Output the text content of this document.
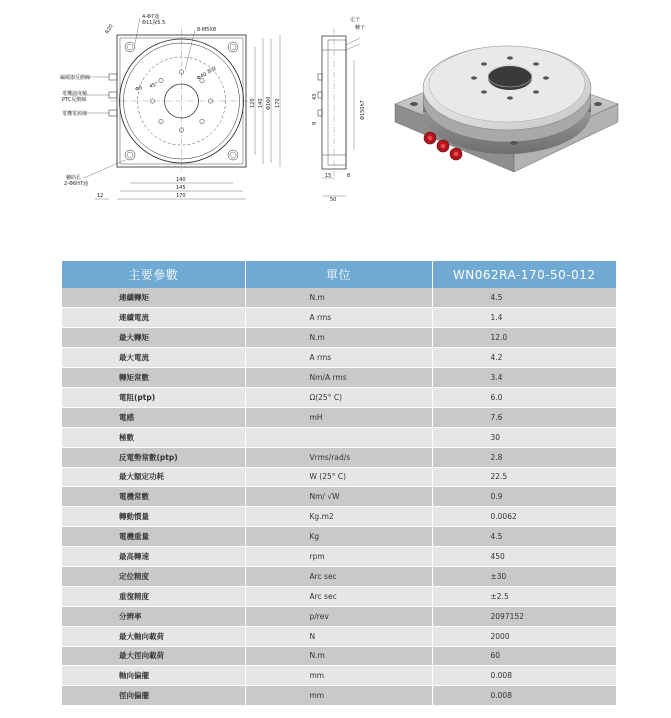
4-Φ7通
Φ11深5.5
8-M5X8
R20
編碼器反饋線
電機溫度檢
PTC反饋線
電機電源線
輔助孔
2-Φ6H7通
Φ5 45°
Φ40 貫穿
140
145
170
12
120 140 Φ160 170
定子
轉子
43
9
15	8
50
Φ150h7
主要參數	單位	WN062RA-170-50-012
連續轉矩	N.m	4.5
連續電流	A rms	1.4
最大轉矩	N.m	12.0
最大電流	A rms	4.2
轉矩常數	Nm/A rms	3.4
電阻(ptp)	Ω(25° C)	6.0
電感	mH	7.6
極數		30
反電勢常數(ptp)	Vrms/rad/s	2.8
最大額定功耗	W (25° C)	22.5
電機常數	Nm/ √W	0.9
轉動慣量	Kg.m2	0.0062
電機重量	Kg	4.5
最高轉速	rpm	450
定位精度	Arc sec	±30
重復精度	Arc sec	±2.5
分辨率	p/rev	2097152
最大軸向載荷	N	2000
最大徑向載荷	N.m	60
軸向偏擺	mm	0.008
徑向偏擺	mm	0.008
